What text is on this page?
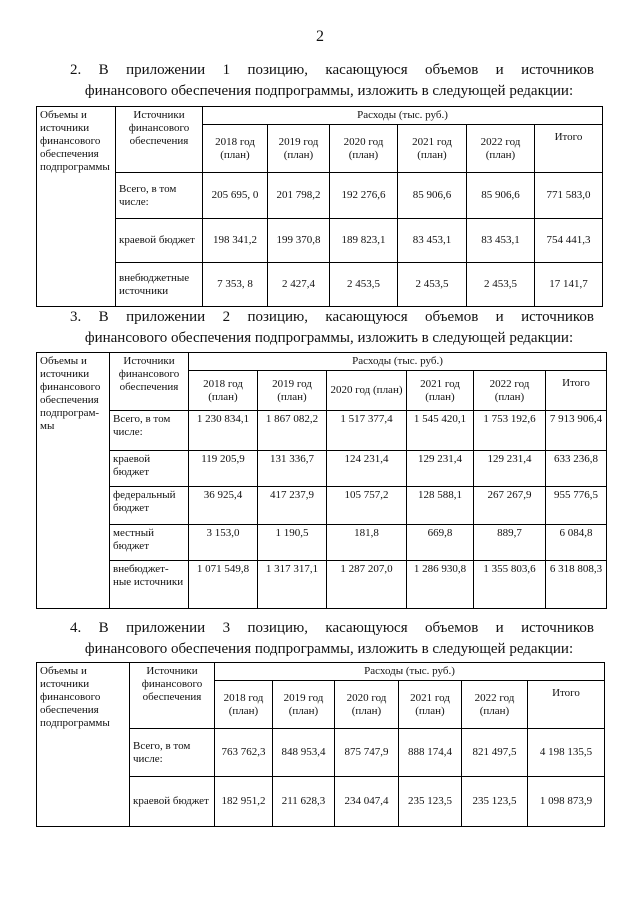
2
2. В приложении 1 позицию, касающуюся объемов и источников
финансового обеспечения подпрограммы, изложить в следующей редакции:
Объемы и источники финансового обеспечения подпрограммы	Источники финансового обеспечения	Расходы (тыс. руб.)					
		2018 год (план)	2019 год (план)	2020 год (план)	2021 год (план)	2022 год (план)	Итого
	Всего, в том числе:	205 695, 0	201 798,2	192 276,6	85 906,6	85 906,6	771 583,0
	краевой бюджет	198 341,2	199 370,8	189 823,1	83 453,1	83 453,1	754 441,3
	внебюджетные источники	7 353, 8	2 427,4	2 453,5	2 453,5	2 453,5	17 141,7
3. В приложении 2 позицию, касающуюся объемов и источников
финансового обеспечения подпрограммы, изложить в следующей редакции:
Объемы и источники финансового обеспечения подпрограм-мы	Источники финансового обеспечения	Расходы (тыс. руб.)					
		2018 год (план)	2019 год (план)	2020 год (план)	2021 год (план)	2022 год (план)	Итого
	Всего, в том числе:	1 230 834,1	1 867 082,2	1 517 377,4	1 545 420,1	1 753 192,6	7 913 906,4
	краевой бюджет	119 205,9	131 336,7	124 231,4	129 231,4	129 231,4	633 236,8
	федеральный бюджет	36 925,4	417 237,9	105 757,2	128 588,1	267 267,9	955 776,5
	местный бюджет	3 153,0	1 190,5	181,8	669,8	889,7	6 084,8
	внебюджет-ные источники	1 071 549,8	1 317 317,1	1 287 207,0	1 286 930,8	1 355 803,6	6 318 808,3
4. В приложении 3 позицию, касающуюся объемов и источников
финансового обеспечения подпрограммы, изложить в следующей редакции:
Объемы и источники финансового обеспечения подпрограммы	Источники финансового обеспечения	Расходы (тыс. руб.)					
		2018 год (план)	2019 год (план)	2020 год (план)	2021 год (план)	2022 год (план)	Итого
	Всего, в том числе:	763 762,3	848 953,4	875 747,9	888 174,4	821 497,5	4 198 135,5
	краевой бюджет	182 951,2	211 628,3	234 047,4	235 123,5	235 123,5	1 098 873,9
